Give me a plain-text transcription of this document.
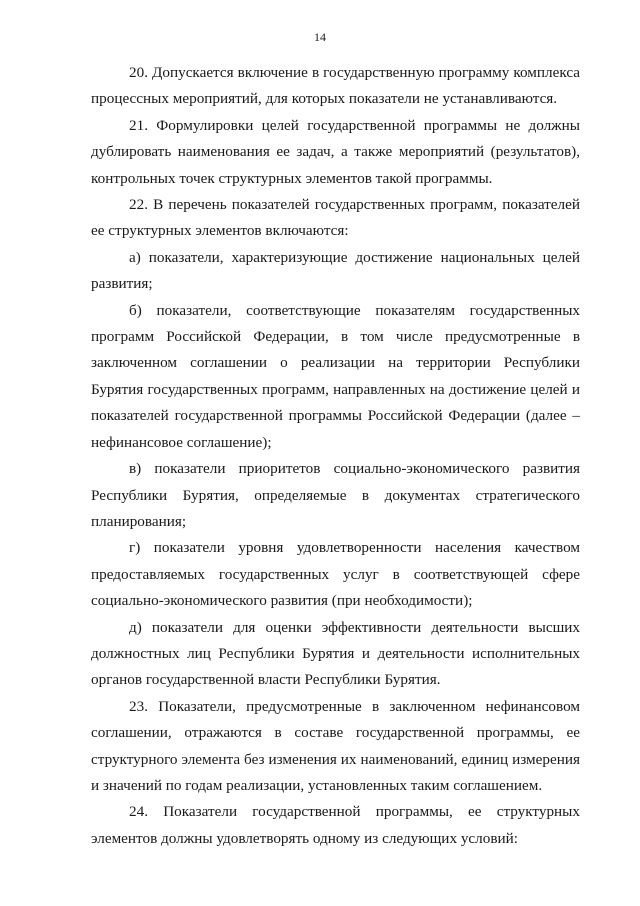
14

20. Допускается включение в государственную программу комплекса процессных мероприятий, для которых показатели не устанавливаются.

21. Формулировки целей государственной программы не должны дублировать наименования ее задач, а также мероприятий (результатов), контрольных точек структурных элементов такой программы.

22. В перечень показателей государственных программ, показателей ее структурных элементов включаются:

а) показатели, характеризующие достижение национальных целей развития;

б) показатели, соответствующие показателям государственных программ Российской Федерации, в том числе предусмотренные в заключенном соглашении о реализации на территории Республики Бурятия государственных программ, направленных на достижение целей и показателей государственной программы Российской Федерации (далее – нефинансовое соглашение);

в) показатели приоритетов социально-экономического развития Республики Бурятия, определяемые в документах стратегического планирования;

г) показатели уровня удовлетворенности населения качеством предоставляемых государственных услуг в соответствующей сфере социально-экономического развития (при необходимости);

д) показатели для оценки эффективности деятельности высших должностных лиц Республики Бурятия и деятельности исполнительных органов государственной власти Республики Бурятия.

23. Показатели, предусмотренные в заключенном нефинансовом соглашении, отражаются в составе государственной программы, ее структурного элемента без изменения их наименований, единиц измерения и значений по годам реализации, установленных таким соглашением.

24. Показатели государственной программы, ее структурных элементов должны удовлетворять одному из следующих условий:
